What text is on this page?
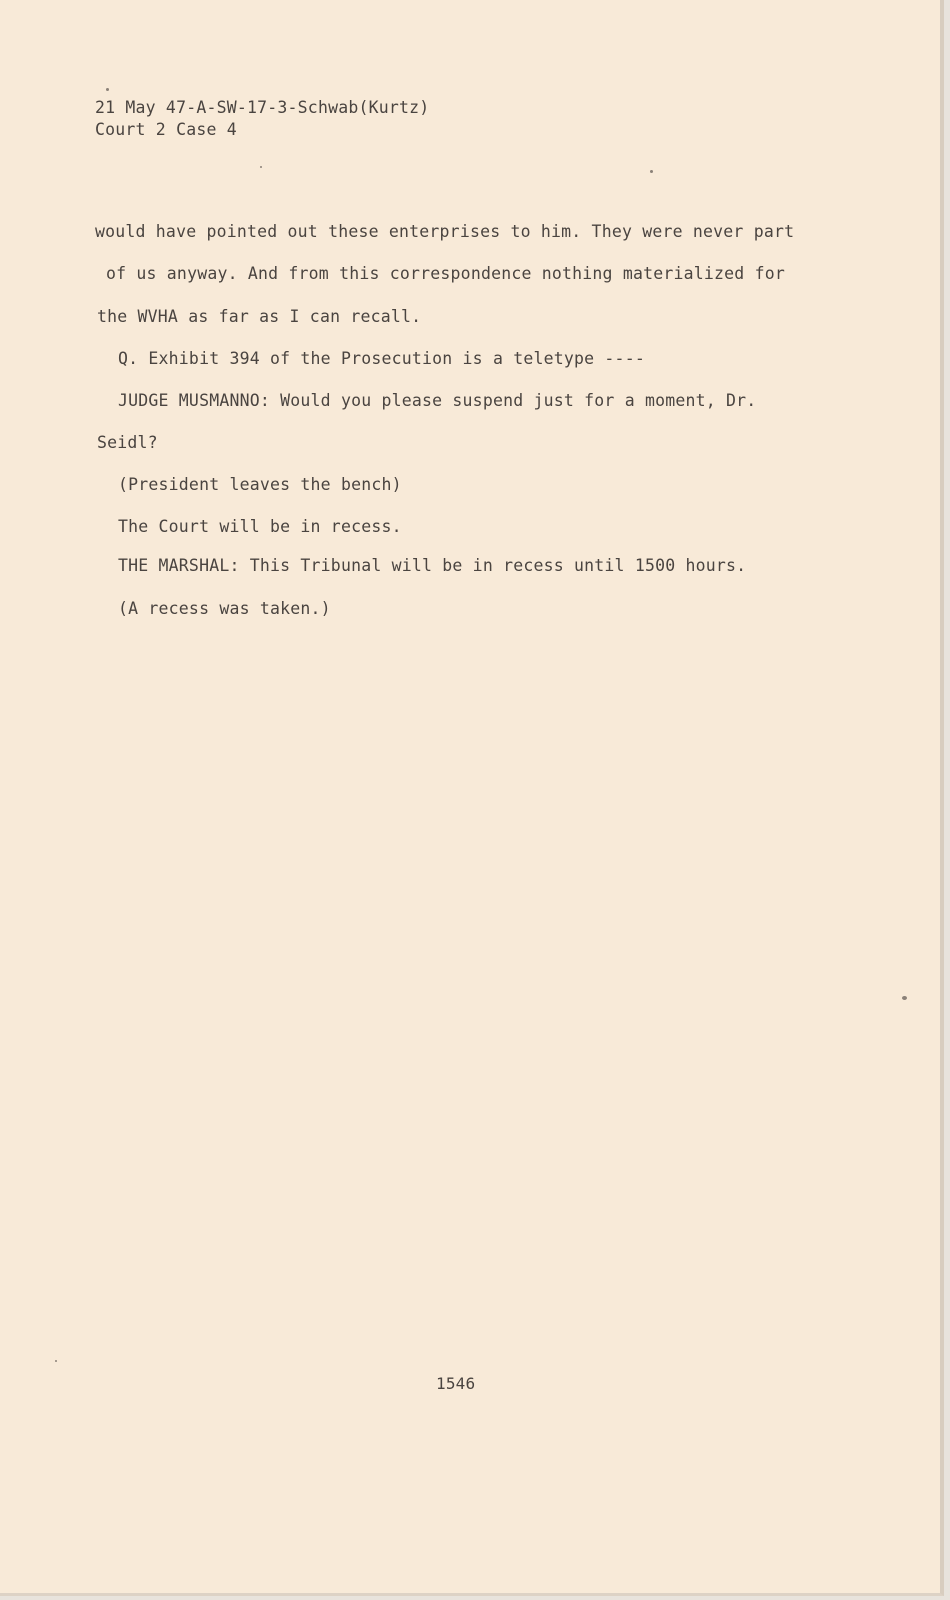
21 May 47-A-SW-17-3-Schwab(Kurtz)
Court 2 Case 4
would have pointed out these enterprises to him. They were never part
of us anyway. And from this correspondence nothing materialized for
the WVHA as far as I can recall.
Q. Exhibit 394 of the Prosecution is a teletype ----
JUDGE MUSMANNO: Would you please suspend just for a moment, Dr.
Seidl?
(President leaves the bench)
The Court will be in recess.
THE MARSHAL: This Tribunal will be in recess until 1500 hours.
(A recess was taken.)
1546
